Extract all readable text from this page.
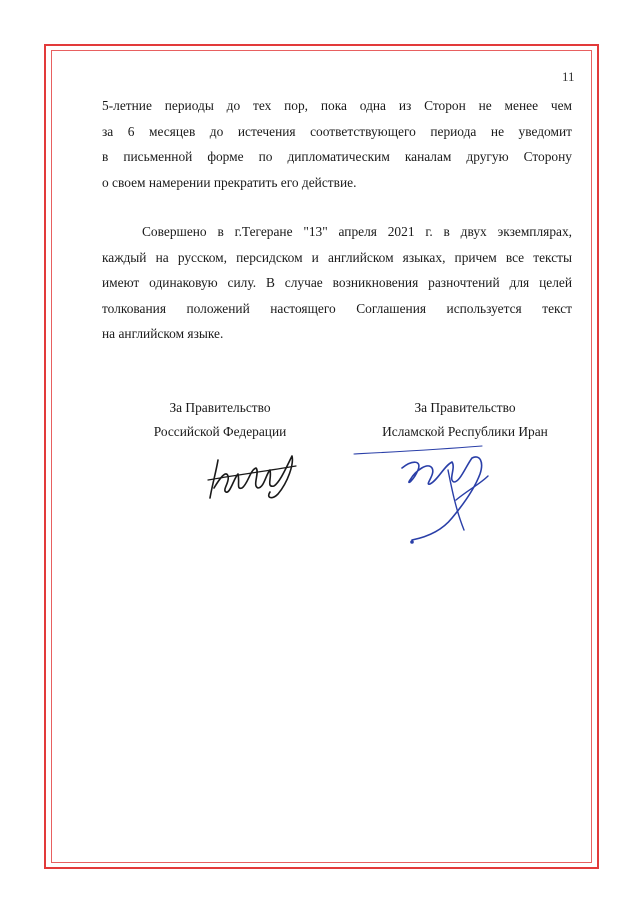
11
5-летние периоды до тех пор, пока одна из Сторон не менее чем
за 6 месяцев до истечения соответствующего периода не уведомит
в письменной форме по дипломатическим каналам другую Сторону
о своем намерении прекратить его действие.
Совершено в г.Тегеране "13" апреля 2021 г. в двух экземплярах,
каждый на русском, персидском и английском языках, причем все тексты
имеют одинаковую силу. В случае возникновения разночтений для целей
толкования положений настоящего Соглашения используется текст
на английском языке.
За Правительство
Российской Федерации
За Правительство
Исламской Республики Иран
